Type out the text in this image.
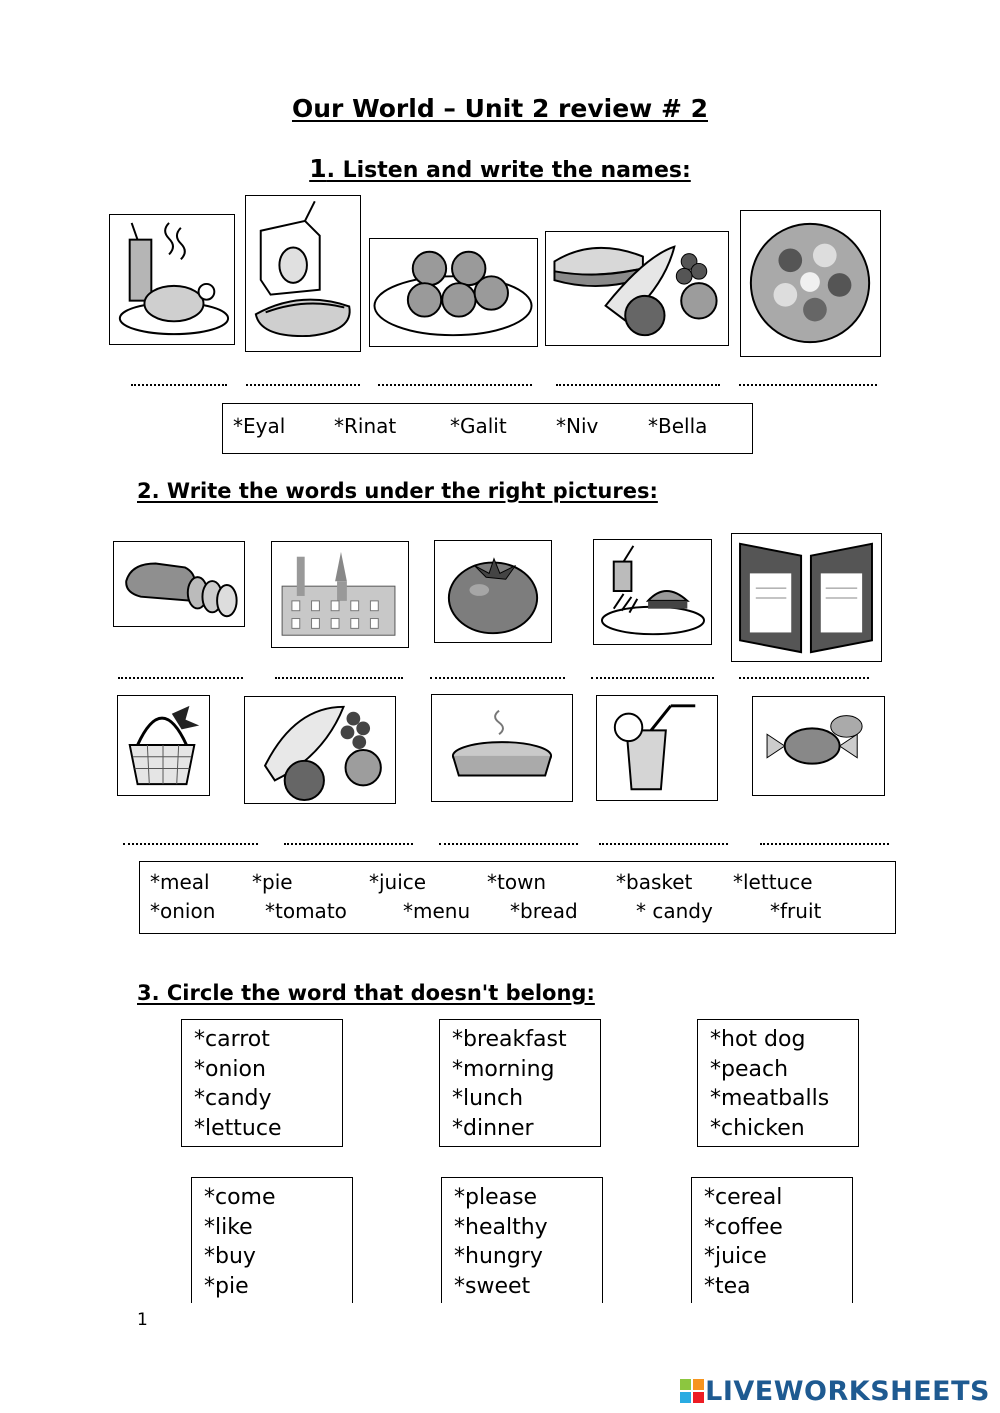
Our World – Unit 2 review # 2
1. Listen and write the names:
*Eyal *Rinat	*Galit *Niv *Bella
2. Write the words under the right pictures:
*meal *pie	*juice	*town	*basket *lettuce
*onion *tomato	*menu *bread	* candy	*fruit
3. Circle the word that doesn't belong:
*carrot
*onion
*candy
*lettuce
*breakfast
*morning
*lunch
*dinner
*hot dog
*peach
*meatballs
*chicken
*come
*like
*buy
*pie
*please
*healthy
*hungry
*sweet
*cereal
*coffee
*juice
*tea
1
LIVEWORKSHEETS
